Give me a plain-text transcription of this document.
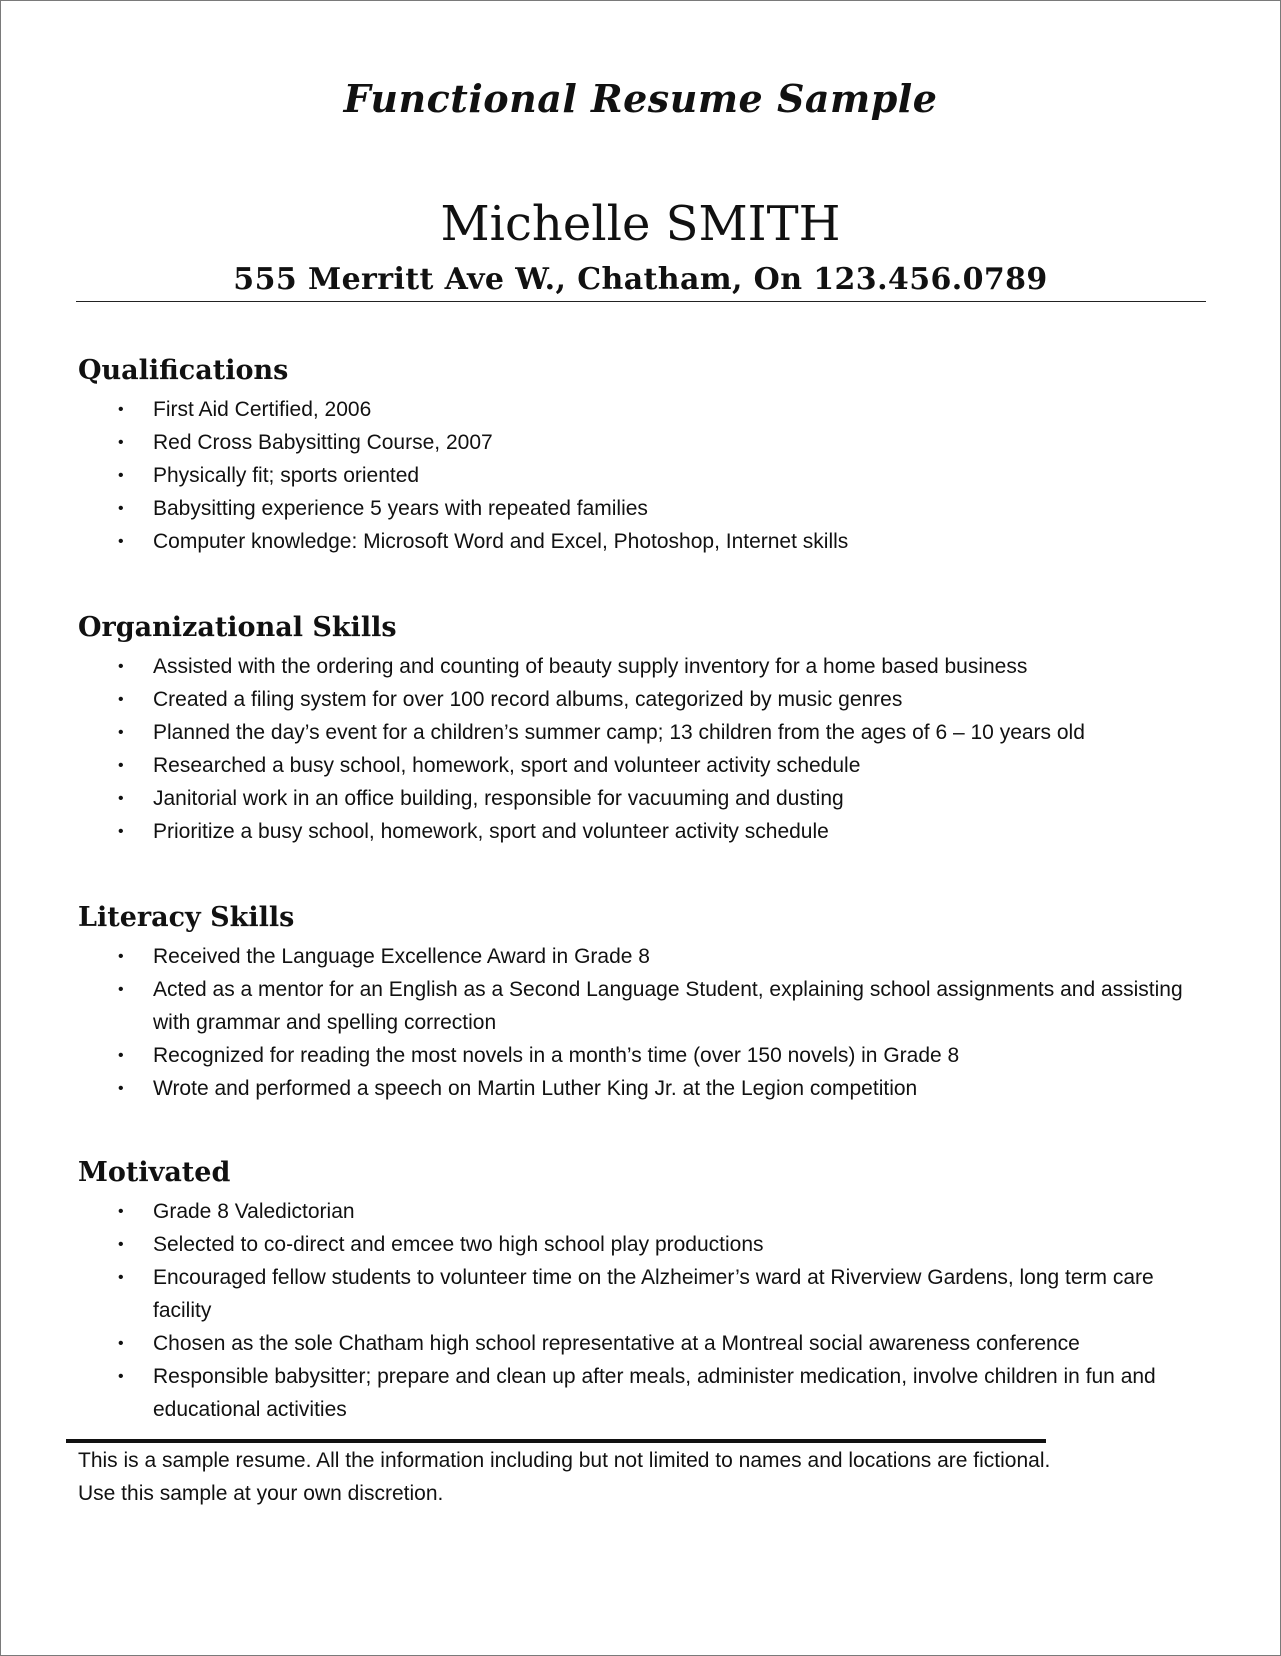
Functional Resume Sample
Michelle SMITH
555 Merritt Ave W., Chatham, On 123.456.0789
Qualifications
• First Aid Certified, 2006
• Red Cross Babysitting Course, 2007
• Physically fit; sports oriented
• Babysitting experience 5 years with repeated families
• Computer knowledge: Microsoft Word and Excel, Photoshop, Internet skills
Organizational Skills
• Assisted with the ordering and counting of beauty supply inventory for a home based business
• Created a filing system for over 100 record albums, categorized by music genres
• Planned the day’s event for a children’s summer camp; 13 children from the ages of 6 – 10 years old
• Researched a busy school, homework, sport and volunteer activity schedule
• Janitorial work in an office building, responsible for vacuuming and dusting
• Prioritize a busy school, homework, sport and volunteer activity schedule
Literacy Skills
• Received the Language Excellence Award in Grade 8
• Acted as a mentor for an English as a Second Language Student, explaining school assignments and assisting with grammar and spelling correction
• Recognized for reading the most novels in a month’s time (over 150 novels) in Grade 8
• Wrote and performed a speech on Martin Luther King Jr. at the Legion competition
Motivated
• Grade 8 Valedictorian
• Selected to co-direct and emcee two high school play productions
• Encouraged fellow students to volunteer time on the Alzheimer’s ward at Riverview Gardens, long term care facility
• Chosen as the sole Chatham high school representative at a Montreal social awareness conference
• Responsible babysitter; prepare and clean up after meals, administer medication, involve children in fun and educational activities

This is a sample resume. All the information including but not limited to names and locations are fictional.

Use this sample at your own discretion.
